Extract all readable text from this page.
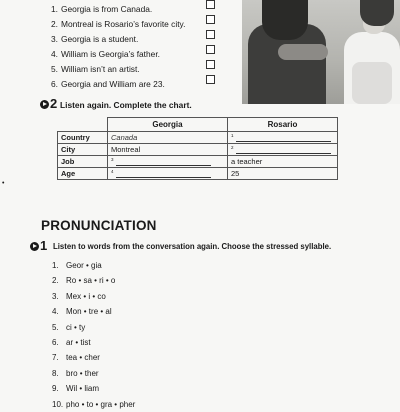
1. Georgia is from Canada.
2. Montreal is Rosario’s favorite city.
3. Georgia is a student.
4. William is Georgia’s father.
5. William isn’t an artist.
6. Georgia and William are 23.
2 Listen again. Complete the chart.
	Georgia	Rosario
Country	Canada	$^1$
City	Montreal	$^2$
Job	$^3$	a teacher
Age	$^4$	25
•
PRONUNCIATION
1 Listen to words from the conversation again. Choose the stressed syllable.
1. Geor • gia
2. Ro • sa • ri • o
3. Mex • i • co
4. Mon • tre • al
5. ci • ty
6. ar • tist
7. tea • cher
8. bro • ther
9. Wil • liam
10. pho • to • gra • pher
